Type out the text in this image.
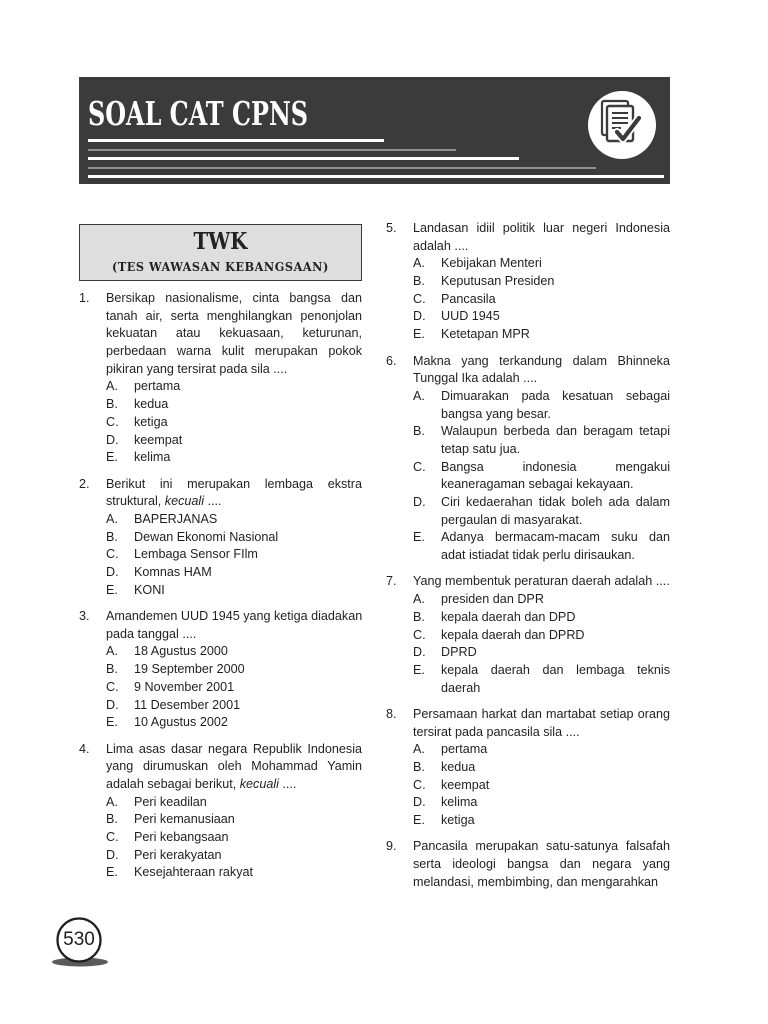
SOAL CAT CPNS
TWK
(TES WAWASAN KEBANGSAAN)
1. Bersikap nasionalisme, cinta bangsa dan
tanah air, serta menghilangkan penonjolan
kekuatan atau kekuasaan, keturunan,
perbedaan warna kulit merupakan pokok
pikiran yang tersirat pada sila ....
A. pertama
B. kedua
C. ketiga
D. keempat
E. kelima
2. Berikut ini merupakan lembaga ekstra
struktural, kecuali ....
A. BAPERJANAS
B. Dewan Ekonomi Nasional
C. Lembaga Sensor FIlm
D. Komnas HAM
E. KONI
3. Amandemen UUD 1945 yang ketiga diadakan
pada tanggal ....
A. 18 Agustus 2000
B. 19 September 2000
C. 9 November 2001
D. 11 Desember 2001
E. 10 Agustus 2002
4. Lima asas dasar negara Republik Indonesia
yang dirumuskan oleh Mohammad Yamin
adalah sebagai berikut, kecuali ....
A. Peri keadilan
B. Peri kemanusiaan
C. Peri kebangsaan
D. Peri kerakyatan
E. Kesejahteraan rakyat
5. Landasan idiil politik luar negeri Indonesia
adalah ....
A. Kebijakan Menteri
B. Keputusan Presiden
C. Pancasila
D. UUD 1945
E. Ketetapan MPR
6. Makna yang terkandung dalam Bhinneka
Tunggal Ika adalah ....
A. Dimuarakan pada kesatuan sebagai
bangsa yang besar.
B. Walaupun berbeda dan beragam tetapi
tetap satu jua.
C. Bangsa indonesia mengakui
keaneragaman sebagai kekayaan.
D. Ciri kedaerahan tidak boleh ada dalam
pergaulan di masyarakat.
E. Adanya bermacam-macam suku dan
adat istiadat tidak perlu dirisaukan.
7. Yang membentuk peraturan daerah adalah ....
A. presiden dan DPR
B. kepala daerah dan DPD
C. kepala daerah dan DPRD
D. DPRD
E. kepala daerah dan lembaga teknis
daerah
8. Persamaan harkat dan martabat setiap orang
tersirat pada pancasila sila ....
A. pertama
B. kedua
C. keempat
D. kelima
E. ketiga
9. Pancasila merupakan satu-satunya falsafah
serta ideologi bangsa dan negara yang
melandasi, membimbing, dan mengarahkan
530
